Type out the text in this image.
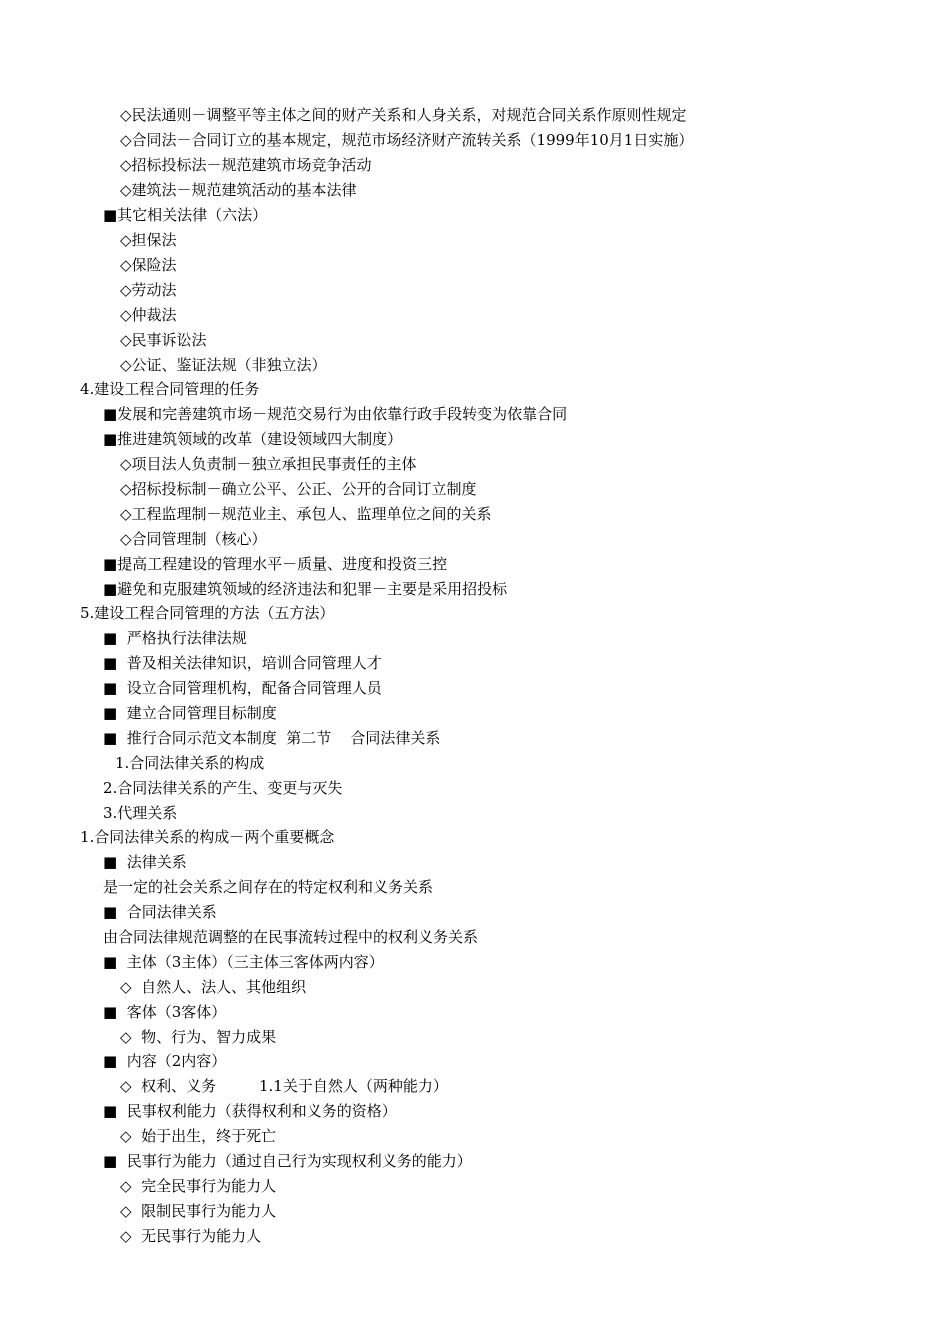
◇民法通则－调整平等主体之间的财产关系和人身关系，对规范合同关系作原则性规定
◇合同法－合同订立的基本规定，规范市场经济财产流转关系（1999年10月1日实施）
◇招标投标法－规范建筑市场竞争活动
◇建筑法－规范建筑活动的基本法律
■其它相关法律（六法）
◇担保法
◇保险法
◇劳动法
◇仲裁法
◇民事诉讼法
◇公证、鉴证法规（非独立法）
4.建设工程合同管理的任务
■发展和完善建筑市场－规范交易行为由依靠行政手段转变为依靠合同
■推进建筑领域的改革（建设领域四大制度）
◇项目法人负责制－独立承担民事责任的主体
◇招标投标制－确立公平、公正、公开的合同订立制度
◇工程监理制－规范业主、承包人、监理单位之间的关系
◇合同管理制（核心）
■提高工程建设的管理水平－质量、进度和投资三控
■避免和克服建筑领域的经济违法和犯罪－主要是采用招投标
5.建设工程合同管理的方法（五方法）
■  严格执行法律法规
■  普及相关法律知识，培训合同管理人才
■  设立合同管理机构，配备合同管理人员
■  建立合同管理目标制度
■  推行合同示范文本制度  第二节    合同法律关系
1.合同法律关系的构成
2.合同法律关系的产生、变更与灭失
3.代理关系
1.合同法律关系的构成－两个重要概念
■  法律关系
是一定的社会关系之间存在的特定权利和义务关系
■  合同法律关系
由合同法律规范调整的在民事流转过程中的权利义务关系
■  主体（3主体）（三主体三客体两内容）
◇  自然人、法人、其他组织
■  客体（3客体）
◇  物、行为、智力成果
■  内容（2内容）
◇  权利、义务         1.1关于自然人（两种能力）
■  民事权利能力（获得权利和义务的资格）
◇  始于出生，终于死亡
■  民事行为能力（通过自己行为实现权利义务的能力）
◇  完全民事行为能力人
◇  限制民事行为能力人
◇  无民事行为能力人
